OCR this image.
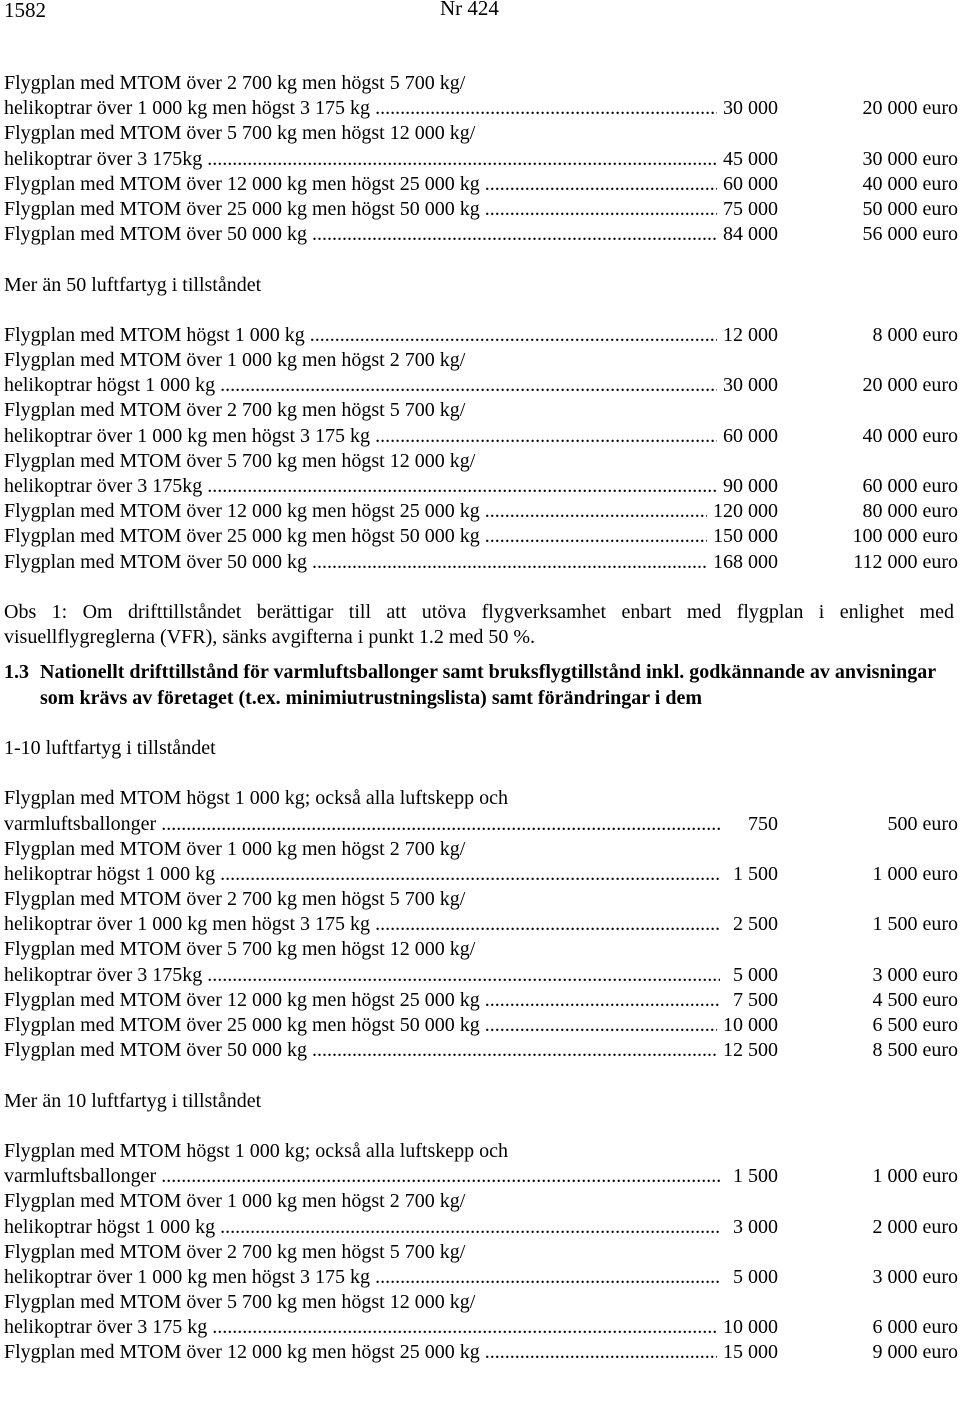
1582	Nr 424
Flygplan med MTOM över 2 700 kg men högst 5 700 kg/
helikoptrar över 1 000 kg men högst 3 175 kg .....	30 000	20 000 euro
Flygplan med MTOM över 5 700 kg men högst 12 000 kg/
helikoptrar över 3 175kg .....	45 000	30 000 euro
Flygplan med MTOM över 12 000 kg men högst 25 000 kg .....	60 000	40 000 euro
Flygplan med MTOM över 25 000 kg men högst 50 000 kg .....	75 000	50 000 euro
Flygplan med MTOM över 50 000 kg .....	84 000	56 000 euro
Mer än 50 luftfartyg i tillståndet
Flygplan med MTOM högst 1 000 kg .....	12 000	8 000 euro
Flygplan med MTOM över 1 000 kg men högst 2 700 kg/
helikoptrar högst 1 000 kg .....	30 000	20 000 euro
Flygplan med MTOM över 2 700 kg men högst 5 700 kg/
helikoptrar över 1 000 kg men högst 3 175 kg .....	60 000	40 000 euro
Flygplan med MTOM över 5 700 kg men högst 12 000 kg/
helikoptrar över 3 175kg .....	90 000	60 000 euro
Flygplan med MTOM över 12 000 kg men högst 25 000 kg .....	120 000	80 000 euro
Flygplan med MTOM över 25 000 kg men högst 50 000 kg .....	150 000	100 000 euro
Flygplan med MTOM över 50 000 kg .....	168 000	112 000 euro
Obs 1: Om drifttillståndet berättigar till att utöva flygverksamhet enbart med flygplan i enlighet med visuellflygreglerna (VFR), sänks avgifterna i punkt 1.2 med 50 %.
1.3 Nationellt drifttillstånd för varmluftsballonger samt bruksflygtillstånd inkl. godkännande av anvisningar som krävs av företaget (t.ex. minimiutrustningslista) samt förändringar i dem
1-10 luftfartyg i tillståndet
Flygplan med MTOM högst 1 000 kg; också alla luftskepp och
varmluftsballonger .....	750	500 euro
Flygplan med MTOM över 1 000 kg men högst 2 700 kg/
helikoptrar högst 1 000 kg .....	1 500	1 000 euro
Flygplan med MTOM över 2 700 kg men högst 5 700 kg/
helikoptrar över 1 000 kg men högst 3 175 kg .....	2 500	1 500 euro
Flygplan med MTOM över 5 700 kg men högst 12 000 kg/
helikoptrar över 3 175kg .....	5 000	3 000 euro
Flygplan med MTOM över 12 000 kg men högst 25 000 kg .....	7 500	4 500 euro
Flygplan med MTOM över 25 000 kg men högst 50 000 kg .....	10 000	6 500 euro
Flygplan med MTOM över 50 000 kg .....	12 500	8 500 euro
Mer än 10 luftfartyg i tillståndet
Flygplan med MTOM högst 1 000 kg; också alla luftskepp och
varmluftsballonger .....	1 500	1 000 euro
Flygplan med MTOM över 1 000 kg men högst 2 700 kg/
helikoptrar högst 1 000 kg .....	3 000	2 000 euro
Flygplan med MTOM över 2 700 kg men högst 5 700 kg/
helikoptrar över 1 000 kg men högst 3 175 kg .....	5 000	3 000 euro
Flygplan med MTOM över 5 700 kg men högst 12 000 kg/
helikoptrar över 3 175 kg .....	10 000	6 000 euro
Flygplan med MTOM över 12 000 kg men högst 25 000 kg .....	15 000	9 000 euro
